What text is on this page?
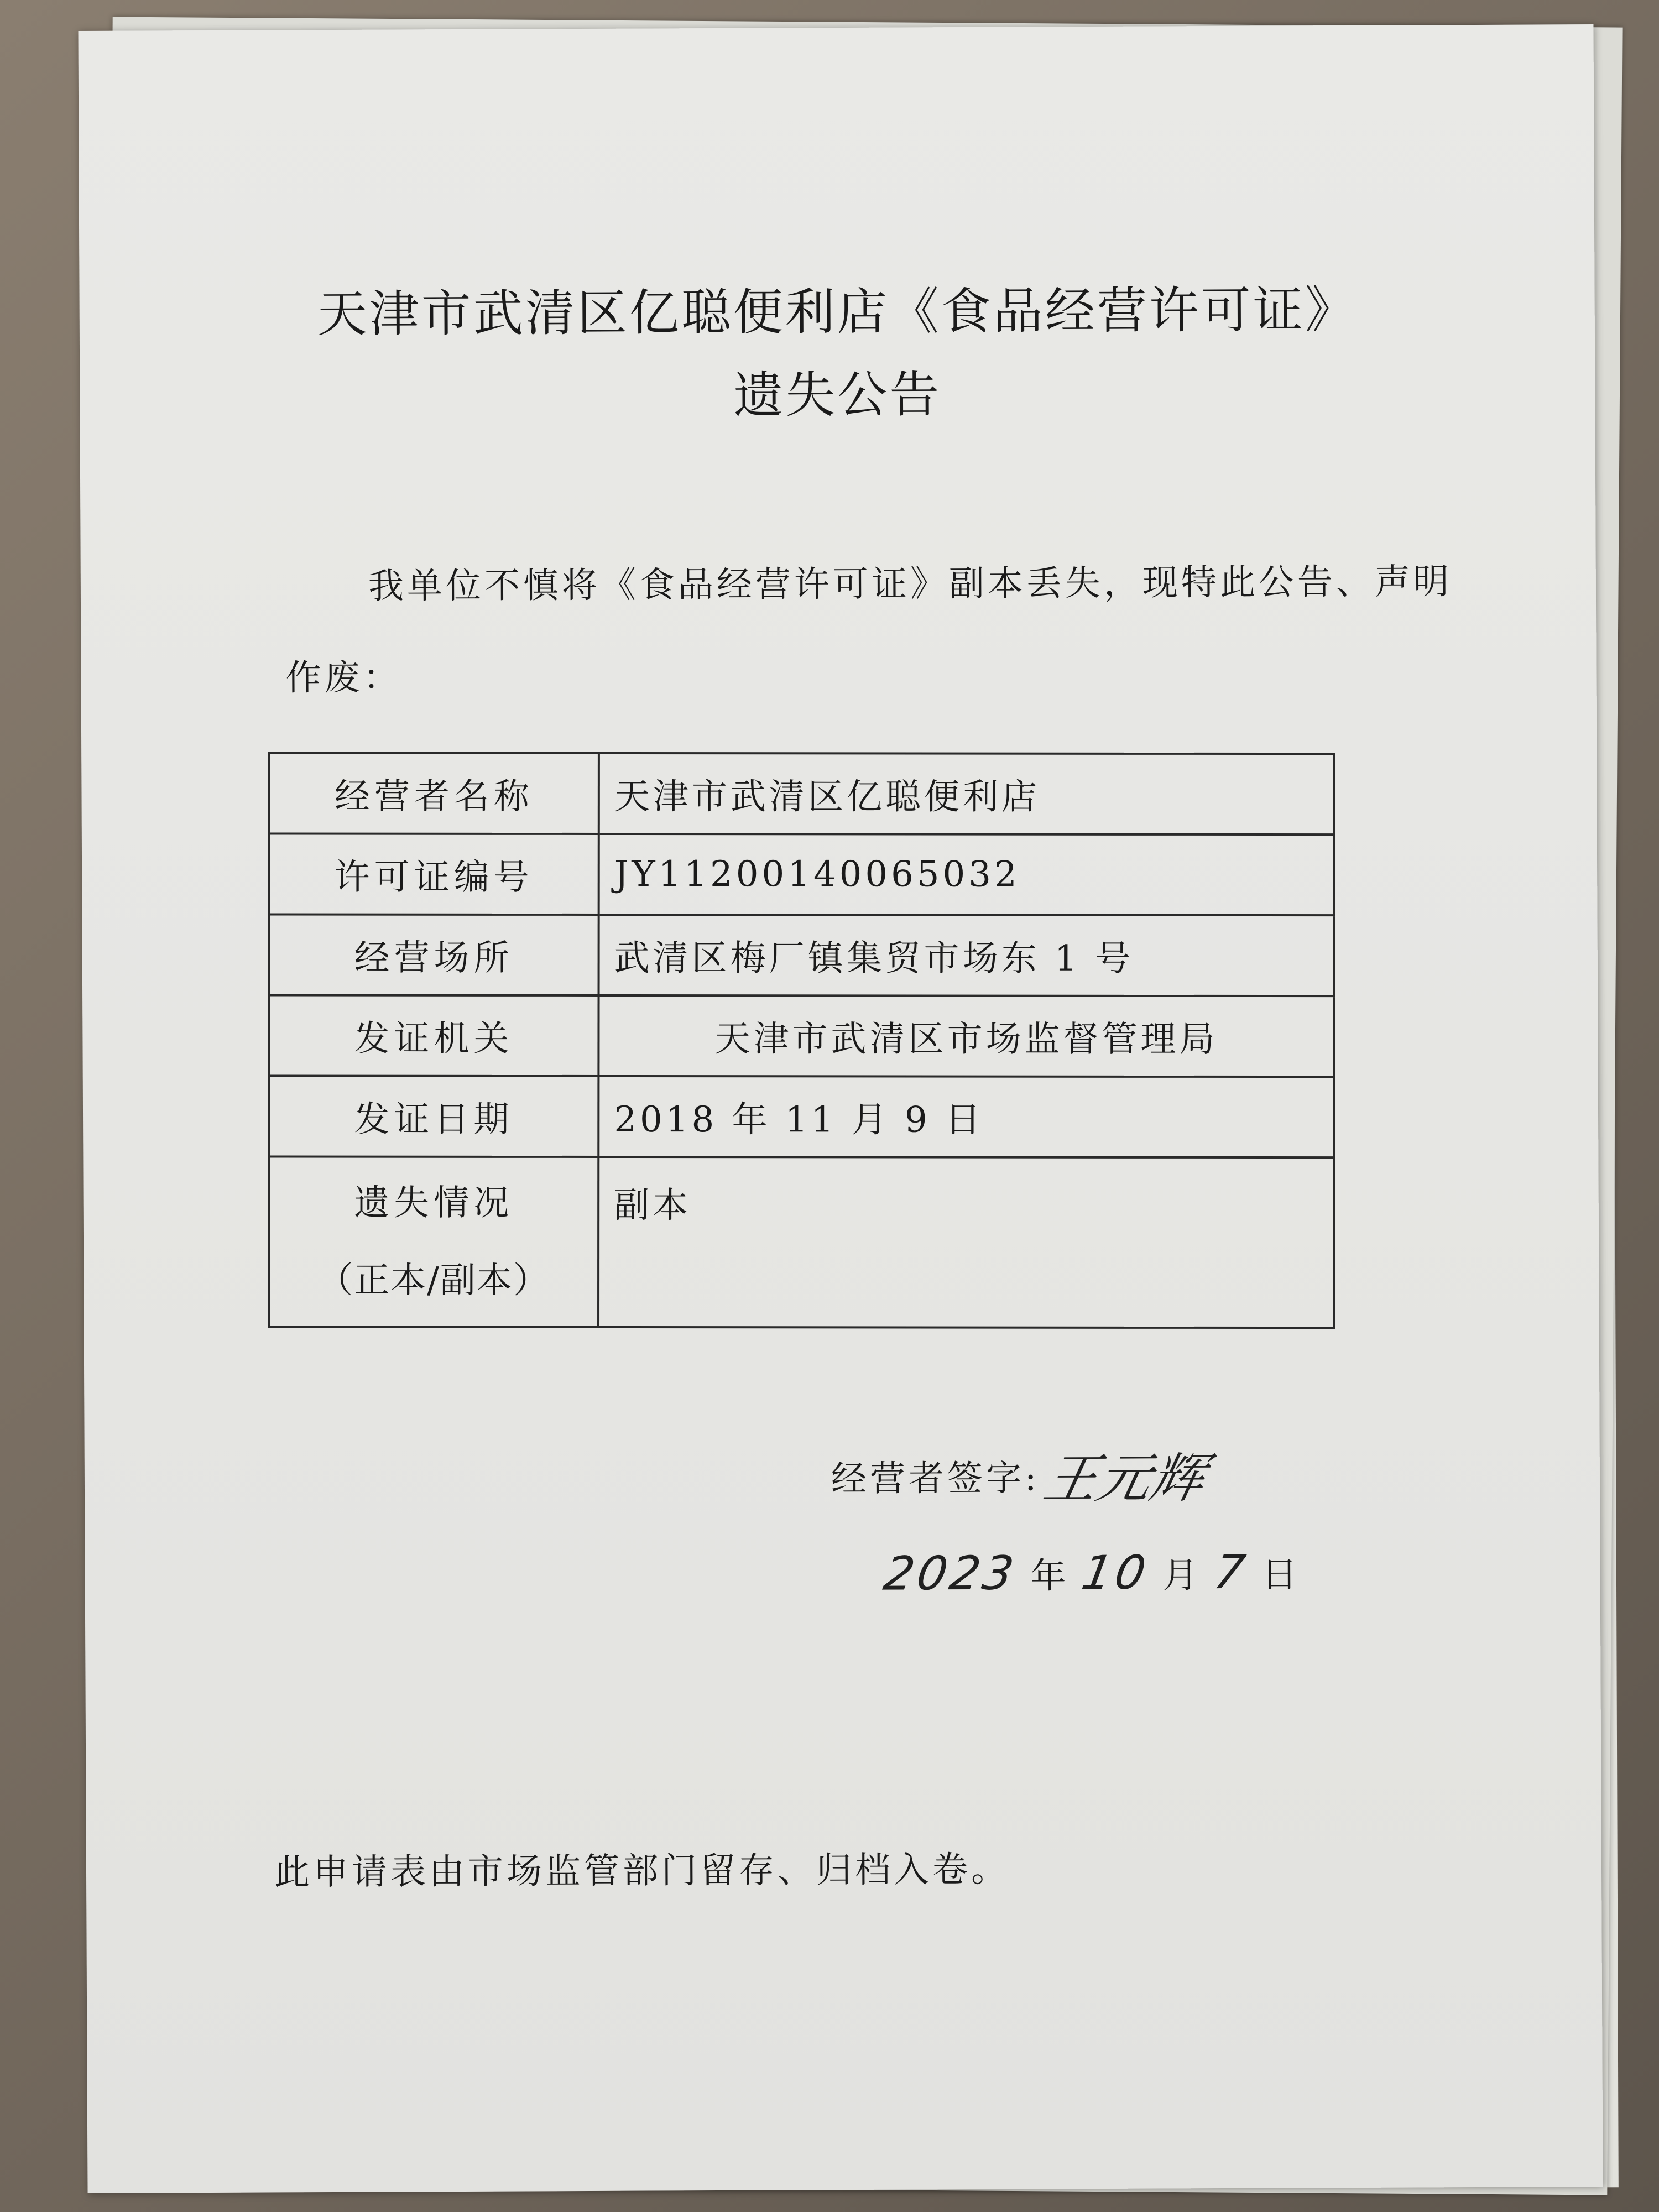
天津市武清区亿聪便利店《食品经营许可证》
遗失公告
我单位不慎将《食品经营许可证》副本丢失，现特此公告、声明作废：
经营者名称	天津市武清区亿聪便利店
许可证编号	JY11200140065032
经营场所	武清区梅厂镇集贸市场东 1 号
发证机关	天津市武清区市场监督管理局
发证日期	2018 年 11 月 9 日

遗失情况
（正本/副本）	副本
经营者签字:
王元辉
2023 年 10 月 7 日
此申请表由市场监管部门留存、归档入卷。
